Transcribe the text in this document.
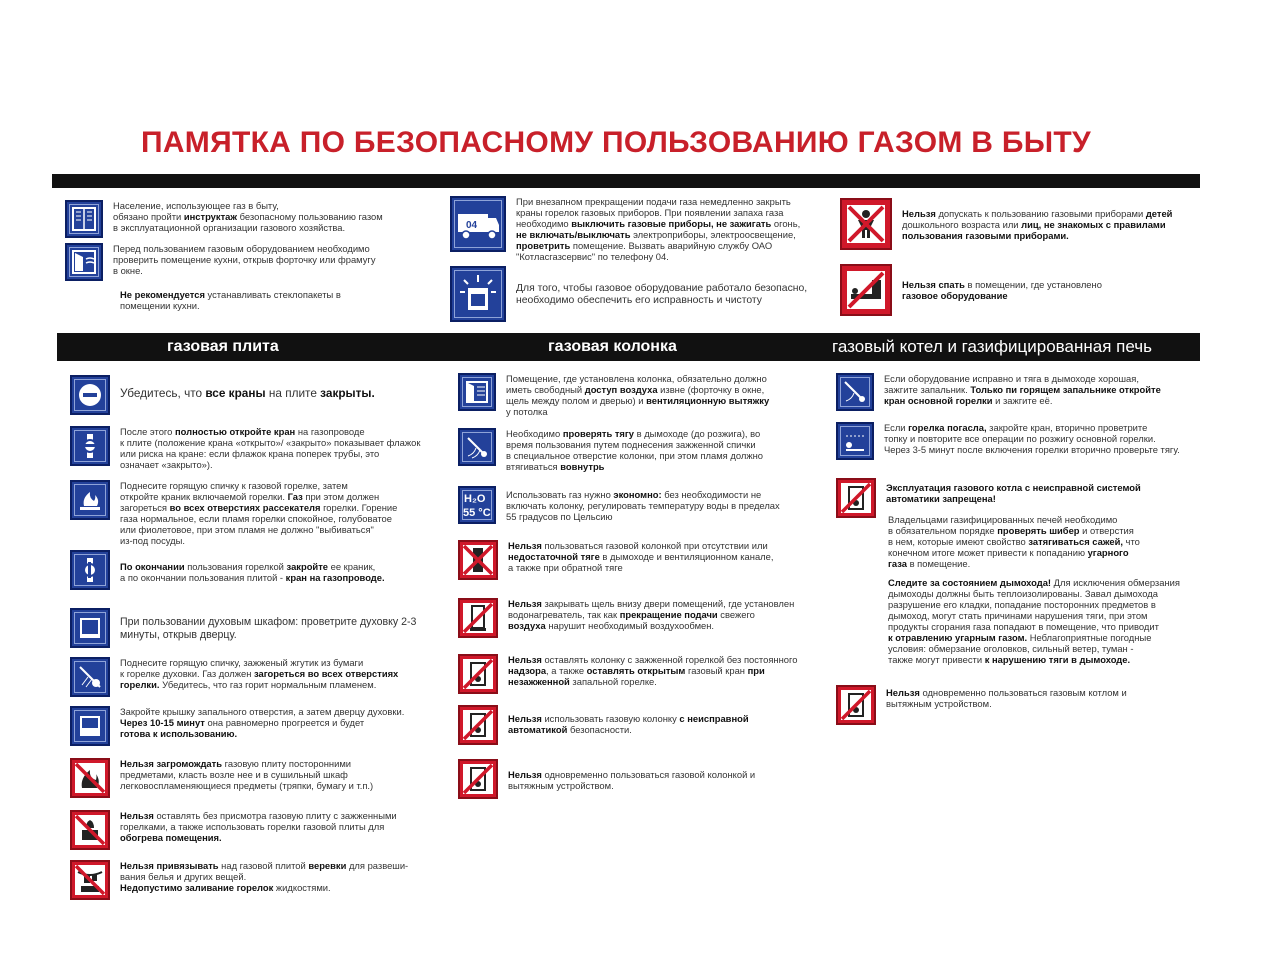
ПАМЯТКА ПО БЕЗОПАСНОМУ ПОЛЬЗОВАНИЮ ГАЗОМ В БЫТУ
газовая плита	газовая колонка	газовый котел и газифицированная печь
Население, использующее газ в быту,
обязано пройти инструктаж безопасному пользованию газом
в эксплуатационной организации газового хозяйства.
Перед пользованием газовым оборудованием необходимо
проверить помещение кухни, открыв форточку или фрамугу
в окне.
Не рекомендуется устанавливать стеклопакеты в
помещении кухни.
04
При внезапном прекращении подачи газа немедленно закрыть
краны горелок газовых приборов. При появлении запаха газа
необходимо выключить газовые приборы, не зажигать огонь,
не включать/выключать электроприборы, электроосвещение,
проветрить помещение. Вызвать аварийную службу ОАО
"Котласгазсервис" по телефону 04.
Для того, чтобы газовое оборудование работало безопасно,
необходимо обеспечить его исправность и чистоту
Нельзя допускать к пользованию газовыми приборами детей
дошкольного возраста или лиц, не знакомых с правилами
пользования газовыми приборами.
Нельзя спать в помещении, где установлено
газовое оборудование
Убедитесь, что все краны на плите закрыты.
После этого полностью откройте кран на газопроводе
к плите (положение крана «открыто»/ «закрыто» показывает флажок
или риска на кране: если флажок крана поперек трубы, это
означает «закрыто»).
Поднесите горящую спичку к газовой горелке, затем
откройте краник включаемой горелки. Газ при этом должен
загореться во всех отверстиях рассекателя горелки. Горение
газа нормальное, если пламя горелки спокойное, голубоватое
или фиолетовое, при этом пламя не должно "выбиваться"
из-под посуды.
По окончании пользования горелкой закройте ее краник,
а по окончании пользования плитой - кран на газопроводе.
При пользовании духовым шкафом: проветрите духовку 2-3
минуты, открыв дверцу.
Поднесите горящую спичку, зажженый жгутик из бумаги
к горелке духовки. Газ должен загореться во всех отверстиях
горелки. Убедитесь, что газ горит нормальным пламенем.
Закройте крышку запального отверстия, а затем дверцу духовки.
Через 10-15 минут она равномерно прогреется и будет
готова к использованию.
Нельзя загромождать газовую плиту посторонними
предметами, класть возле нее и в сушильный шкаф
легковоспламеняющиеся предметы (тряпки, бумагу и т.п.)
Нельзя оставлять без присмотра газовую плиту с зажженными
горелками, а также использовать горелки газовой плиты для
обогрева помещения.
Нельзя привязывать над газовой плитой веревки для развеши-
вания белья и других вещей.
Недопустимо заливание горелок жидкостями.
Помещение, где установлена колонка, обязательно должно
иметь свободный доступ воздуха извне (форточку в окне,
щель между полом и дверью) и вентиляционную вытяжку
у потолка
Необходимо проверять тягу в дымоходе (до розжига), во
время пользования путем поднесения зажженной спички
в специальное отверстие колонки, при этом пламя должно
втягиваться вовнутрь
H₂O
55 °C
Использовать газ нужно экономно: без необходимости не
включать колонку, регулировать температуру воды в пределах
55 градусов по Цельсию
Нельзя пользоваться газовой колонкой при отсутствии или
недостаточной тяге в дымоходе и вентиляционном канале,
а также при обратной тяге
Нельзя закрывать щель внизу двери помещений, где установлен
водонагреватель, так как прекращение подачи свежего
воздуха нарушит необходимый воздухообмен.
Нельзя оставлять колонку с зажженной горелкой без постоянного
надзора, а также оставлять открытым газовый кран при
незажженной запальной горелке.
Нельзя использовать газовую колонку с неисправной
автоматикой безопасности.
Нельзя одновременно пользоваться газовой колонкой и
вытяжным устройством.
Если оборудование исправно и тяга в дымоходе хорошая,
зажгите запальник. Только пи горящем запальнике откройте
кран основной горелки и зажгите её.
Если горелка погасла, закройте кран, вторично проветрите
топку и повторите все операции по розжигу основной горелки.
Через 3-5 минут после включения горелки вторично проверьте тягу.
Эксплуатация газового котла с неисправной системой
автоматики запрещена!
Владельцами газифицированных печей необходимо
в обязательном порядке проверять шибер и отверстия
в нем, которые имеют свойство затягиваться сажей, что
конечном итоге может привести к попаданию угарного
газа в помещение.
Следите за состоянием дымохода! Для исключения обмерзания
дымоходы должны быть теплоизолированы. Завал дымохода
разрушение его кладки, попадание посторонних предметов в
дымоход, могут стать причинами нарушения тяги, при этом
продукты сгорания газа попадают в помещение, что приводит
к отравлению угарным газом. Неблагоприятные погодные
условия: обмерзание оголовков, сильный ветер, туман -
также могут привести к нарушению тяги в дымоходе.
Нельзя одновременно пользоваться газовым котлом и
вытяжным устройством.
